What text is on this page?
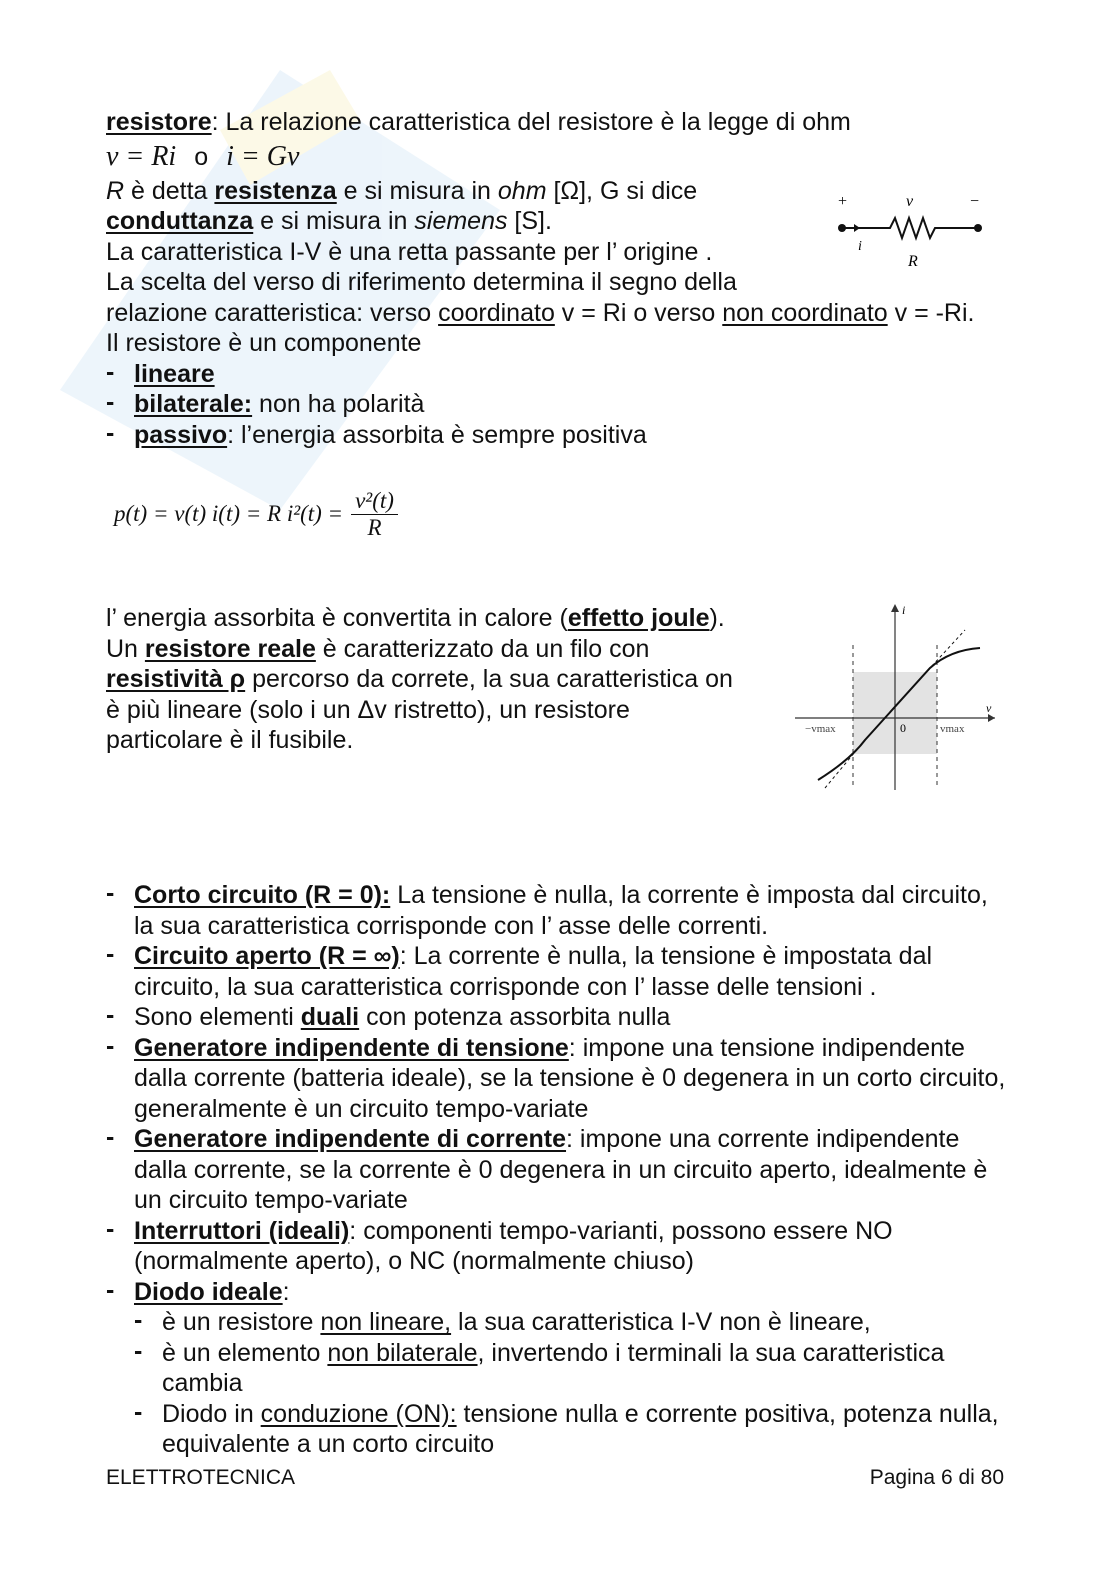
resistore: La relazione caratteristica del resistore è la legge di ohm

v = Ri o i = Gv

R è detta resistenza e si misura in ohm [Ω], G si dice

conduttanza e si misura in siemens [S].

La caratteristica I-V è una retta passante per l’ origine .

La scelta del verso di riferimento determina il segno della

relazione caratteristica: verso coordinato v = Ri o verso non coordinato v = -Ri.

Il resistore è un componente

- lineare
- bilaterale: non ha polarità
- passivo: l’energia assorbita è sempre positiva
p(t) = v(t) i(t) = R $i^2(t) = \frac{\text{v²(t)}}{R}$
+	v	−
i
R

l’ energia assorbita è convertita in calore (effetto joule). Un resistore reale è caratterizzato da un filo con resistività ρ percorso da correte, la sua caratteristica on è più lineare (solo i un Δv ristretto), un resistore particolare è il fusibile.

i
v
0
−vmax	vmax
- Corto circuito (R = 0): La tensione è nulla, la corrente è imposta dal circuito, la sua caratteristica corrisponde con l’ asse delle correnti.
- Circuito aperto (R = ∞): La corrente è nulla, la tensione è impostata dal circuito, la sua caratteristica corrisponde con l’ lasse delle tensioni .
- Sono elementi duali con potenza assorbita nulla
- Generatore indipendente di tensione: impone una tensione indipendente dalla corrente (batteria ideale), se la tensione è 0 degenera in un corto circuito, generalmente è un circuito tempo-variate
- Generatore indipendente di corrente: impone una corrente indipendente dalla corrente, se la corrente è 0 degenera in un circuito aperto, idealmente è un circuito tempo-variate
- Interruttori (ideali): componenti tempo-varianti, possono essere NO (normalmente aperto), o NC (normalmente chiuso)
- Diodo ideale:
- è un resistore non lineare, la sua caratteristica I-V non è lineare,
- è un elemento non bilaterale, invertendo i terminali la sua caratteristica cambia
- Diodo in conduzione (ON): tensione nulla e corrente positiva, potenza nulla, equivalente a un corto circuito
ELETTROTECNICA	Pagina 6 di 80
